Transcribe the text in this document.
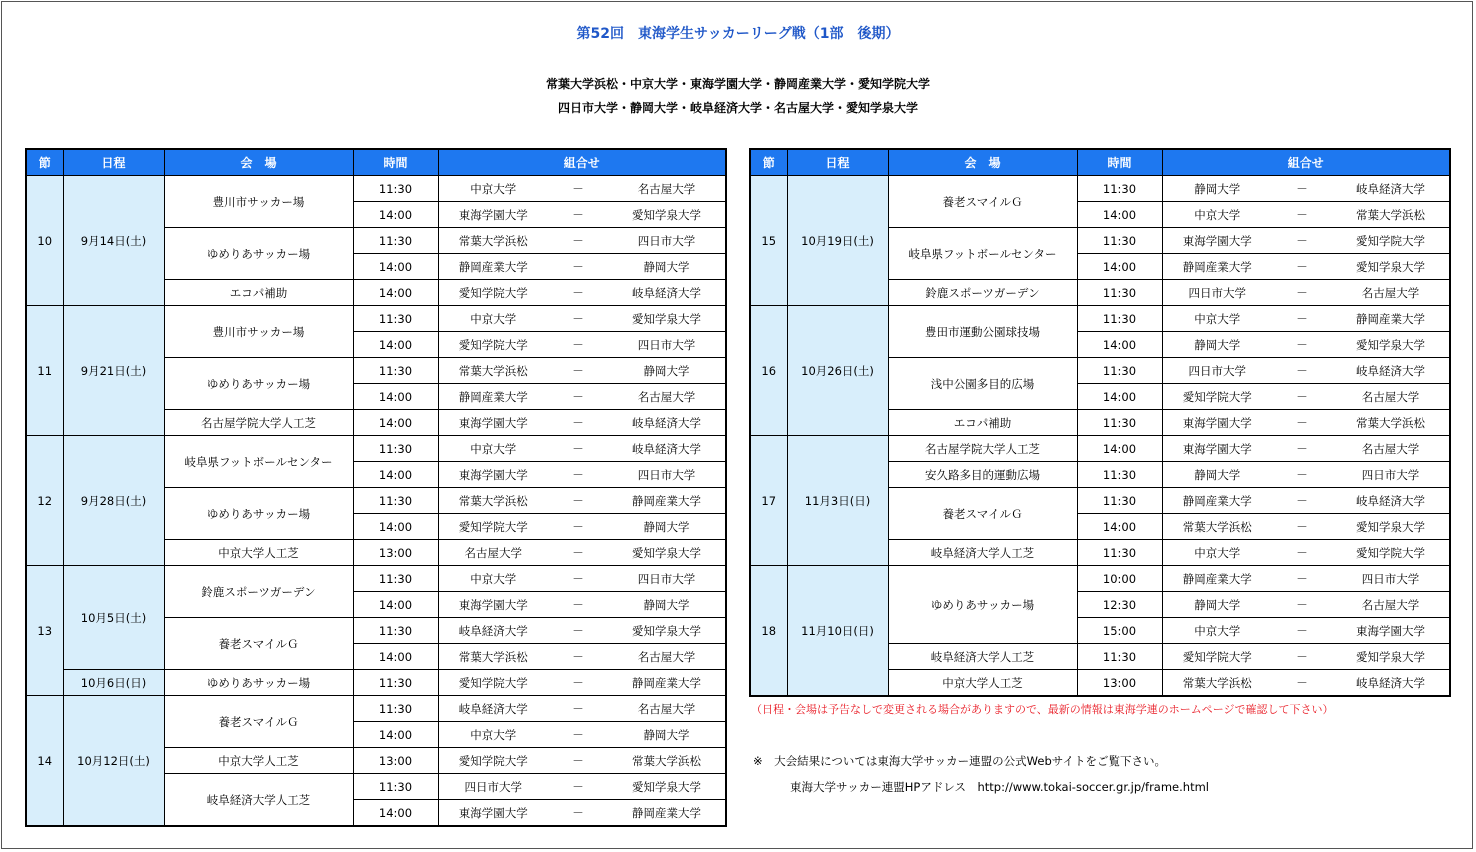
第52回　東海学生サッカーリーグ戦（1部　後期）
常葉大学浜松・中京大学・東海学園大学・静岡産業大学・愛知学院大学
四日市大学・静岡大学・岐阜経済大学・名古屋大学・愛知学泉大学
節	日程	会　場	時間	組合せ		
10	9月14日(土)	豊川市サッカー場	11:30	中京大学	－	名古屋大学
			14:00	東海学園大学	－	愛知学泉大学
		ゆめりあサッカー場	11:30	常葉大学浜松	－	四日市大学
			14:00	静岡産業大学	－	静岡大学
		エコパ補助	14:00	愛知学院大学	－	岐阜経済大学
11	9月21日(土)	豊川市サッカー場	11:30	中京大学	－	愛知学泉大学
			14:00	愛知学院大学	－	四日市大学
		ゆめりあサッカー場	11:30	常葉大学浜松	－	静岡大学
			14:00	静岡産業大学	－	名古屋大学
		名古屋学院大学人工芝	14:00	東海学園大学	－	岐阜経済大学
12	9月28日(土)	岐阜県フットボールセンター	11:30	中京大学	－	岐阜経済大学
			14:00	東海学園大学	－	四日市大学
		ゆめりあサッカー場	11:30	常葉大学浜松	－	静岡産業大学
			14:00	愛知学院大学	－	静岡大学
		中京大学人工芝	13:00	名古屋大学	－	愛知学泉大学
13	10月5日(土)	鈴鹿スポーツガーデン	11:30	中京大学	－	四日市大学
			14:00	東海学園大学	－	静岡大学
		養老スマイルＧ	11:30	岐阜経済大学	－	愛知学泉大学
			14:00	常葉大学浜松	－	名古屋大学
	10月6日(日)	ゆめりあサッカー場	11:30	愛知学院大学	－	静岡産業大学
14	10月12日(土)	養老スマイルＧ	11:30	岐阜経済大学	－	名古屋大学
			14:00	中京大学	－	静岡大学
		中京大学人工芝	13:00	愛知学院大学	－	常葉大学浜松
		岐阜経済大学人工芝	11:30	四日市大学	－	愛知学泉大学
			14:00	東海学園大学	－	静岡産業大学
節	日程	会　場	時間	組合せ		
15	10月19日(土)	養老スマイルＧ	11:30	静岡大学	－	岐阜経済大学
			14:00	中京大学	－	常葉大学浜松
		岐阜県フットボールセンター	11:30	東海学園大学	－	愛知学院大学
			14:00	静岡産業大学	－	愛知学泉大学
		鈴鹿スポーツガーデン	11:30	四日市大学	－	名古屋大学
16	10月26日(土)	豊田市運動公園球技場	11:30	中京大学	－	静岡産業大学
			14:00	静岡大学	－	愛知学泉大学
		浅中公園多目的広場	11:30	四日市大学	－	岐阜経済大学
			14:00	愛知学院大学	－	名古屋大学
		エコパ補助	11:30	東海学園大学	－	常葉大学浜松
17	11月3日(日)	名古屋学院大学人工芝	14:00	東海学園大学	－	名古屋大学
		安久路多目的運動広場	11:30	静岡大学	－	四日市大学
		養老スマイルＧ	11:30	静岡産業大学	－	岐阜経済大学
			14:00	常葉大学浜松	－	愛知学泉大学
		岐阜経済大学人工芝	11:30	中京大学	－	愛知学院大学
18	11月10日(日)	ゆめりあサッカー場	10:00	静岡産業大学	－	四日市大学
			12:30	静岡大学	－	名古屋大学
			15:00	中京大学	－	東海学園大学
		岐阜経済大学人工芝	11:30	愛知学院大学	－	愛知学泉大学
		中京大学人工芝	13:00	常葉大学浜松	－	岐阜経済大学
（日程・会場は予告なしで変更される場合がありますので、最新の情報は東海学連のホームページで確認して下さい）
※　大会結果については東海大学サッカー連盟の公式Webサイトをご覧下さい。
東海大学サッカー連盟HPアドレス　http://www.tokai-soccer.gr.jp/frame.html
